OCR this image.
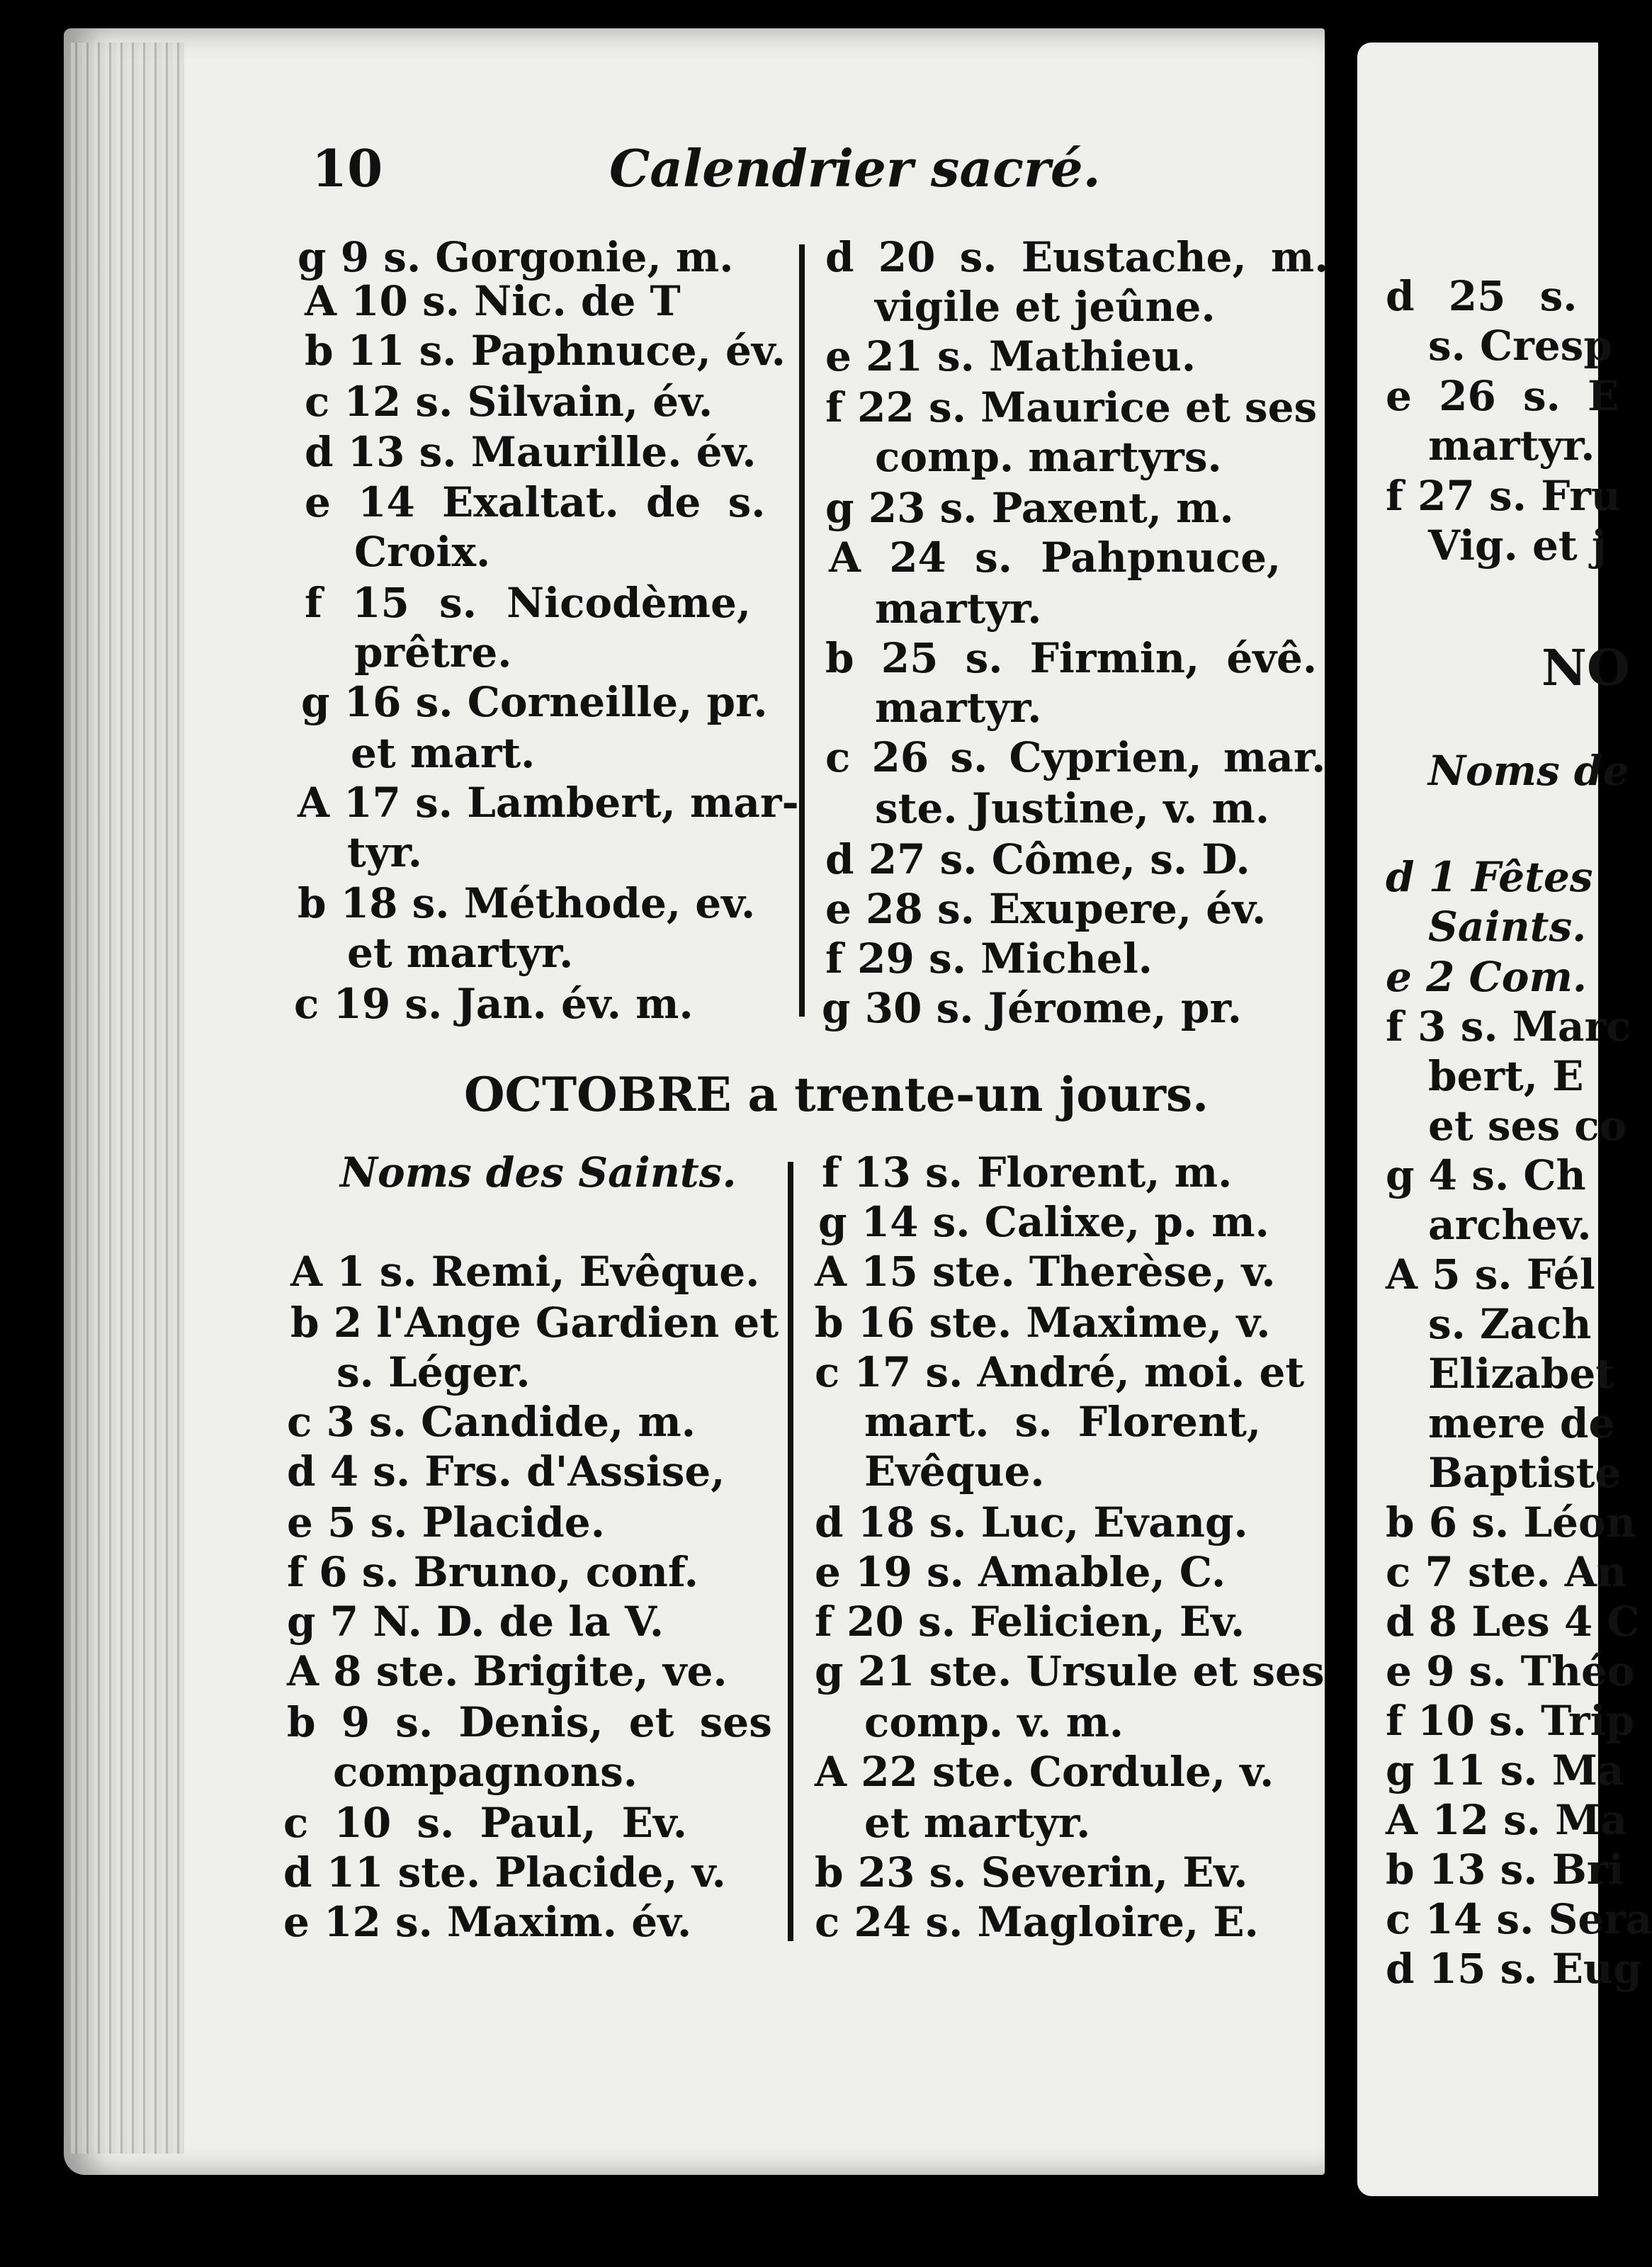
10	Calendrier sacré.
g 9 s. Gorgonie, m.
A 10 s. Nic. de T
b 11 s. Paphnuce, év.
c 12 s. Silvain, év.
d 13 s. Maurille. év.
e 14 Exaltat. de s.
Croix.
f 15 s. Nicodème,
prêtre.
g 16 s. Corneille, pr.
et mart.
A 17 s. Lambert, mar-
tyr.
b 18 s. Méthode, ev.
et martyr.
c 19 s. Jan. év. m.
d 20 s. Eustache, m.
vigile et jeûne.
e 21 s. Mathieu.
f 22 s. Maurice et ses
comp. martyrs.
g 23 s. Paxent, m.
A 24 s. Pahpnuce,
martyr.
b 25 s. Firmin, évê.
martyr.
c 26 s. Cyprien, mar.
ste. Justine, v. m.
d 27 s. Côme, s. D.
e 28 s. Exupere, év.
f 29 s. Michel.
g 30 s. Jérome, pr.
OCTOBRE a trente-un jours.
Noms des Saints.
A 1 s. Remi, Evêque.
b 2 l'Ange Gardien et
s. Léger.
c 3 s. Candide, m.
d 4 s. Frs. d'Assise,
e 5 s. Placide.
f 6 s. Bruno, conf.
g 7 N. D. de la V.
A 8 ste. Brigite, ve.
b 9 s. Denis, et ses
compagnons.
c 10 s. Paul, Ev.
d 11 ste. Placide, v.
e 12 s. Maxim. év.
f 13 s. Florent, m.
g 14 s. Calixe, p. m.
A 15 ste. Therèse, v.
b 16 ste. Maxime, v.
c 17 s. André, moi. et
mart. s. Florent,
Evêque.
d 18 s. Luc, Evang.
e 19 s. Amable, C.
f 20 s. Felicien, Ev.
g 21 ste. Ursule et ses
comp. v. m.
A 22 ste. Cordule, v.
et martyr.
b 23 s. Severin, Ev.
c 24 s. Magloire, E.
d 25 s.
s. Cresp
e 26 s. E
martyr.
f 27 s. Fru
Vig. et j
NO
Noms de
d 1 Fêtes
Saints.
e 2 Com.
f 3 s. Marc
bert, E
et ses co
g 4 s. Ch
archev.
A 5 s. Fél
s. Zach
Elizabet
mere de
Baptiste
b 6 s. Léon
c 7 ste. An
d 8 Les 4 C
e 9 s. Théo
f 10 s. Trip
g 11 s. Ma
A 12 s. Ma
b 13 s. Bri
c 14 s. Sera
d 15 s. Eug
